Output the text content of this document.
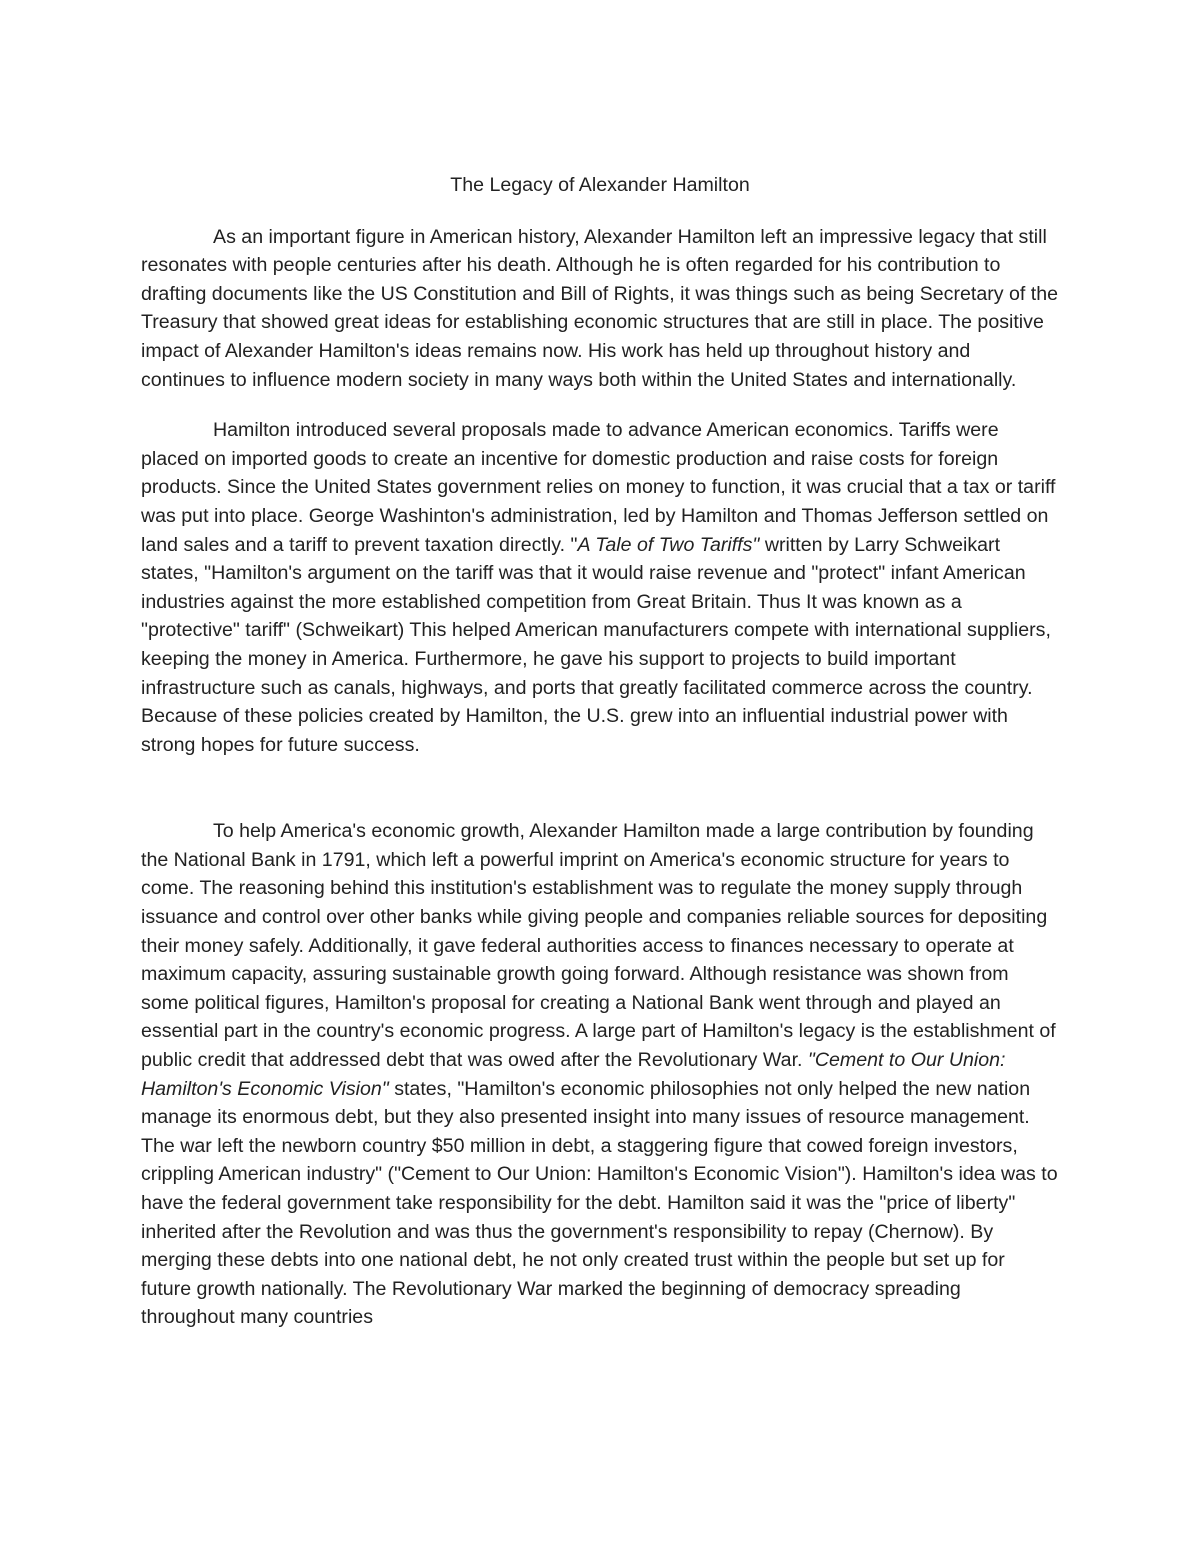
The Legacy of Alexander Hamilton

As an important figure in American history, Alexander Hamilton left an impressive legacy that still resonates with people centuries after his death. Although he is often regarded for his contribution to drafting documents like the US Constitution and Bill of Rights, it was things such as being Secretary of the Treasury that showed great ideas for establishing economic structures that are still in place. The positive impact of Alexander Hamilton's ideas remains now. His work has held up throughout history and continues to influence modern society in many ways both within the United States and internationally.

Hamilton introduced several proposals made to advance American economics. Tariffs were placed on imported goods to create an incentive for domestic production and raise costs for foreign products. Since the United States government relies on money to function, it was crucial that a tax or tariff was put into place. George Washinton's administration, led by Hamilton and Thomas Jefferson settled on land sales and a tariff to prevent taxation directly. "A Tale of Two Tariffs" written by Larry Schweikart states, "Hamilton's argument on the tariff was that it would raise revenue and "protect" infant American industries against the more established competition from Great Britain. Thus It was known as a "protective" tariff" (Schweikart) This helped American manufacturers compete with international suppliers, keeping the money in America. Furthermore, he gave his support to projects to build important infrastructure such as canals, highways, and ports that greatly facilitated commerce across the country. Because of these policies created by Hamilton, the U.S. grew into an influential industrial power with strong hopes for future success.

To help America's economic growth, Alexander Hamilton made a large contribution by founding the National Bank in 1791, which left a powerful imprint on America's economic structure for years to come. The reasoning behind this institution's establishment was to regulate the money supply through issuance and control over other banks while giving people and companies reliable sources for depositing their money safely. Additionally, it gave federal authorities access to finances necessary to operate at maximum capacity, assuring sustainable growth going forward. Although resistance was shown from some political figures, Hamilton's proposal for creating a National Bank went through and played an essential part in the country's economic progress. A large part of Hamilton's legacy is the establishment of public credit that addressed debt that was owed after the Revolutionary War. "Cement to Our Union: Hamilton's Economic Vision" states, "Hamilton's economic philosophies not only helped the new nation manage its enormous debt, but they also presented insight into many issues of resource management. The war left the newborn country $50 million in debt, a staggering figure that cowed foreign investors, crippling American industry" ("Cement to Our Union: Hamilton's Economic Vision"). Hamilton's idea was to have the federal government take responsibility for the debt. Hamilton said it was the "price of liberty" inherited after the Revolution and was thus the government's responsibility to repay (Chernow). By merging these debts into one national debt, he not only created trust within the people but set up for future growth nationally. The Revolutionary War marked the beginning of democracy spreading throughout many countries
